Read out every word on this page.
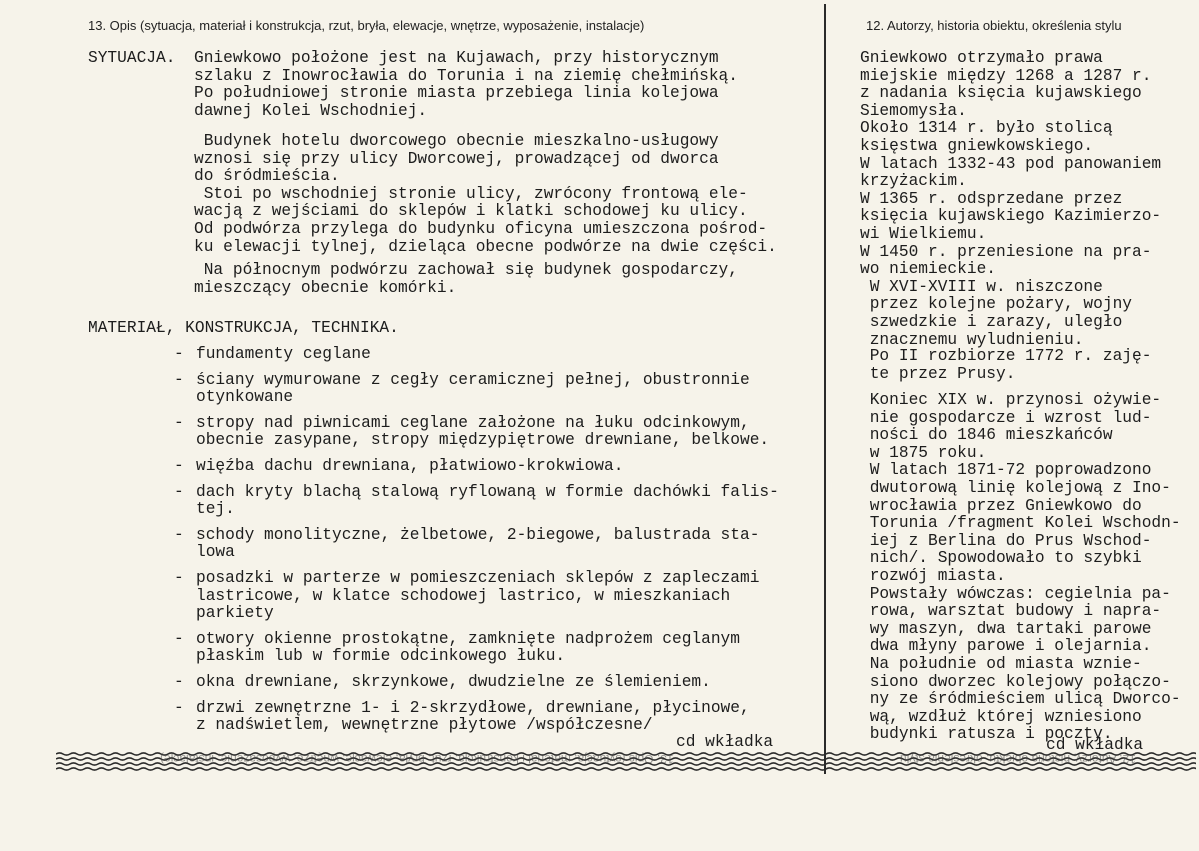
13. Opis (sytuacja, materiał i konstrukcja, rzut, bryła, elewacje, wnętrze, wyposażenie, instalacje)	12. Autorzy, historia obiektu, określenia stylu
SYTUACJA. Gniewkowo położone jest na Kujawach, przy historycznym
szlaku z Inowrocławia do Torunia i na ziemię chełmińską.
Po południowej stronie miasta przebiega linia kolejowa
dawnej Kolei Wschodniej.
Budynek hotelu dworcowego obecnie mieszkalno-usługowy
wznosi się przy ulicy Dworcowej, prowadzącej od dworca
do śródmieścia.
Stoi po wschodniej stronie ulicy, zwrócony frontową ele-
wacją z wejściami do sklepów i klatki schodowej ku ulicy.
Od podwórza przylega do budynku oficyna umieszczona pośrod-
ku elewacji tylnej, dzieląca obecne podwórze na dwie części.
Na północnym podwórzu zachował się budynek gospodarczy,
mieszczący obecnie komórki.
MATERIAŁ, KONSTRUKCJA, TECHNIKA.
- fundamenty ceglane
- ściany wymurowane z cegły ceramicznej pełnej, obustronnie
otynkowane
- stropy nad piwnicami ceglane założone na łuku odcinkowym,
obecnie zasypane, stropy międzypiętrowe drewniane, belkowe.
- więźba dachu drewniana, płatwiowo-krokwiowa.
- dach kryty blachą stalową ryflowaną w formie dachówki falis-
tej.
- schody monolityczne, żelbetowe, 2-biegowe, balustrada sta-
lowa
- posadzki w parterze w pomieszczeniach sklepów z zapleczami
lastricowe, w klatce schodowej lastrico, w mieszkaniach
parkiety
- otwory okienne prostokątne, zamknięte nadprożem ceglanym
płaskim lub w formie odcinkowego łuku.
- okna drewniane, skrzynkowe, dwudzielne ze ślemieniem.
- drzwi zewnętrzne 1- i 2-skrzydłowe, drewniane, płycinowe,
z nadświetlem, wewnętrzne płytowe /współczesne/
cd wkładka
Gniewkowo otrzymało prawa
miejskie między 1268 a 1287 r.
z nadania księcia kujawskiego
Siemomysła.
Około 1314 r. było stolicą
księstwa gniewkowskiego.
W latach 1332-43 pod panowaniem
krzyżackim.
W 1365 r. odsprzedane przez
księcia kujawskiego Kazimierzo-
wi Wielkiemu.
W 1450 r. przeniesione na pra-
wo niemieckie.
W XVI-XVIII w. niszczone
przez kolejne pożary, wojny
szwedzkie i zarazy, uległo
znacznemu wyludnieniu.
Po II rozbiorze 1772 r. zaję-
te przez Prusy.
Koniec XIX w. przynosi ożywie-
nie gospodarcze i wzrost lud-
ności do 1846 mieszkańców
w 1875 roku.
W latach 1871-72 poprowadzono
dwutorową linię kolejową z Ino-
wrocławia przez Gniewkowo do
Torunia /fragment Kolei Wschodn-
iej z Berlina do Prus Wschod-
nich/. Spowodowało to szybki
rozwój miasta.
Powstały wówczas: cegielnia pa-
rowa, warsztat budowy i napra-
wy maszyn, dwa tartaki parowe
dwa młyny parowe i olejarnia.
Na południe od miasta wznie-
siono dworzec kolejowy połączo-
ny ze śródmieściem ulicą Dworco-
wą, wzdłuż której wzniesiono
budynki ratusza i poczty.
cd wkładka
13. Opis (sytuacja, materiał i konstrukcja, rzut, bryła, elewacje, wnętrze, wyposażenie, instalacje)	12. Autorzy, historia obiektu, określenia stylu
